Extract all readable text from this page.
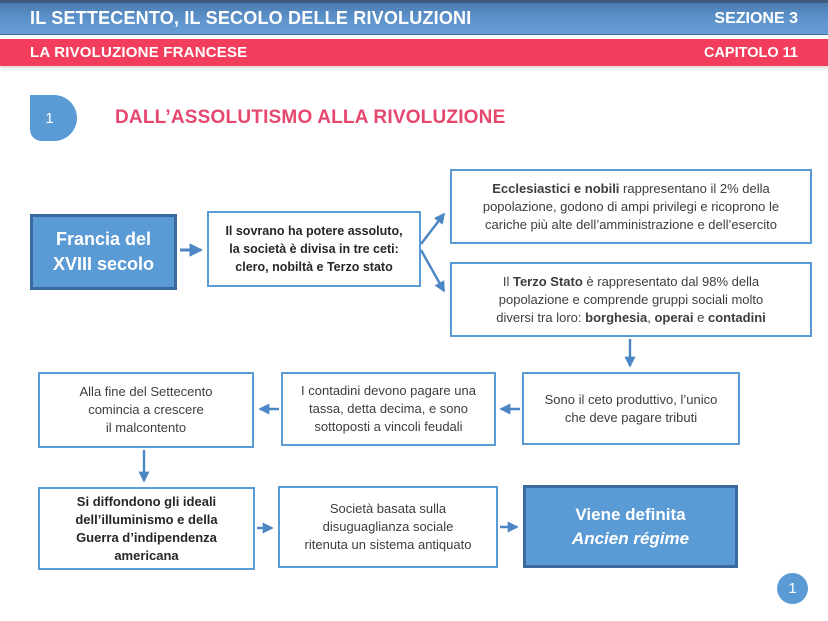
IL SETTECENTO, IL SECOLO DELLE RIVOLUZIONI	SEZIONE 3
LA RIVOLUZIONE FRANCESE	CAPITOLO 11
1	DALL’ASSOLUTISMO ALLA RIVOLUZIONE
Francia del
XVIII secolo
Il sovrano ha potere assoluto,
la società è divisa in tre ceti:
clero, nobiltà e Terzo stato
Ecclesiastici e nobili rappresentano il 2% della
popolazione, godono di ampi privilegi e ricoprono le
cariche più alte dell’amministrazione e dell’esercito
Il Terzo Stato è rappresentato dal 98% della
popolazione e comprende gruppi sociali molto
diversi tra loro: borghesia, operai e contadini
Sono il ceto produttivo, l’unico
che deve pagare tributi
I contadini devono pagare una
tassa, detta decima, e sono
sottoposti a vincoli feudali
Alla fine del Settecento
comincia a crescere
il malcontento
Si diffondono gli ideali
dell’illuminismo e della
Guerra d’indipendenza
americana
Società basata sulla
disuguaglianza sociale
ritenuta un sistema antiquato
Viene definita
Ancien régime
1
